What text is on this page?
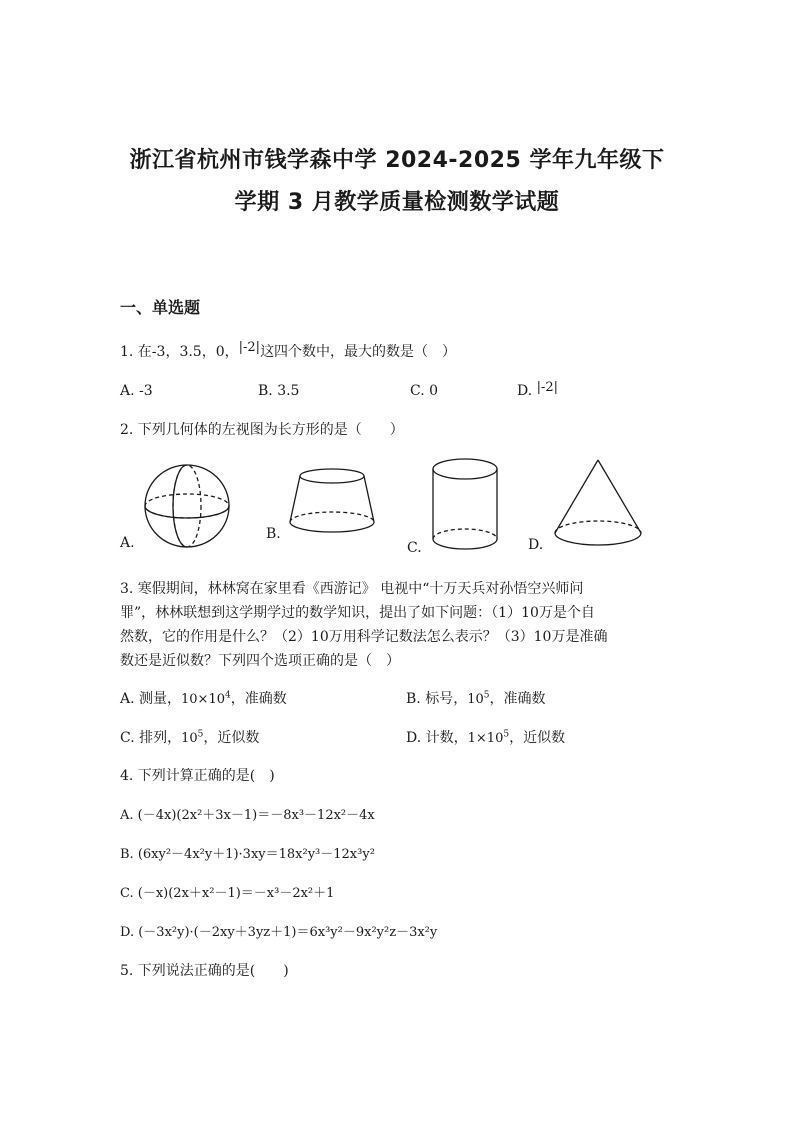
浙江省杭州市钱学森中学 2024-2025 学年九年级下
学期 3 月教学质量检测数学试题
一、单选题
1. 在-3，3.5，0，|-2|这四个数中，最大的数是（　）
A. -3	B. 3.5	C. 0	D. |-2|
2. 下列几何体的左视图为长方形的是（　　）
A.
B.
C.	D.
3. 寒假期间，林林窝在家里看《西游记》 电视中“十万天兵对孙悟空兴师问
罪”，林林联想到这学期学过的数学知识，提出了如下问题：（1）10万是个自
然数，它的作用是什么？（2）10万用科学记数法怎么表示？（3）10万是准确
数还是近似数？下列四个选项正确的是（　）
A. 测量，$10\times 10^4$，准确数	B. 标号，$10^5$，准确数
C. 排列，$10^5$，近似数	D. 计数，$1\times 10^5$，近似数
4. 下列计算正确的是(　)
A. (－4x)(2x²＋3x－1)＝－8x³－12x²－4x
B. (6xy²－4x²y＋1)·3xy＝18x²y³－12x³y²
C. (－x)(2x＋x²－1)＝－x³－2x²＋1
D. (－3x²y)·(－2xy＋3yz＋1)＝6x³y²－9x²y²z－3x²y
5. 下列说法正确的是(　　)
